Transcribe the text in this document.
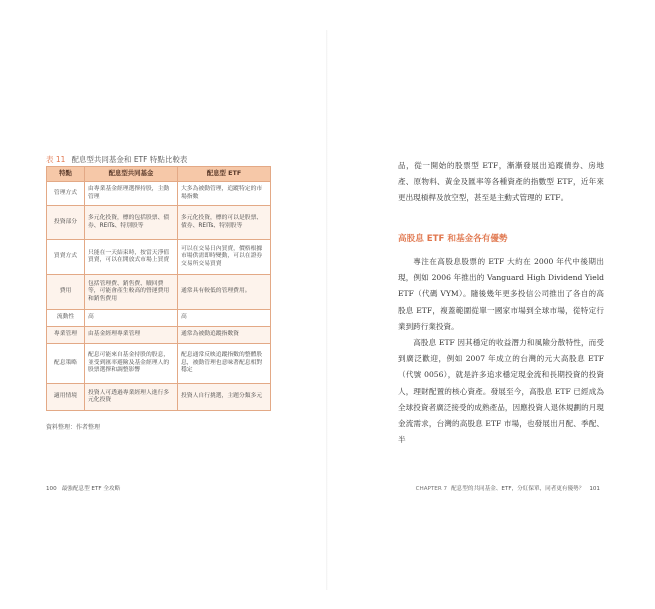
表 11 配息型共同基金和 ETF 特點比較表
特點	配息型共同基金	配息型 ETF
管理方式	由專業基金經理選擇持股，主動管理	大多為被動管理，追蹤特定的市場指數
投資部分	多元化投資，標的包括股票、債券、REITs、特別股等	多元化投資，標的可以是股票、債券、REITs、特別股等
買賣方式	只能在一天結束時，按當天淨值買賣，可以在開放式市場上買賣	可以在交易日內買賣，價格根據市場供需即時變動，可以在證券交易所交易買賣
費用	包括管理費、銷售費、贖回費等，可能會產生較高的營運費用和銷售費用	通常具有較低的管理費用。
流動性	高	高
專業管理	由基金經理專業管理	通常為被動追蹤指數資
配息策略	配息可能來自基金持股的股息，並受到匯率避險及基金經理人的股票選擇和調整影響	配息通常反映追蹤指數的整體股息，被動管理也意味著配息相對穩定
適用情境	投資人可透過專業經理人進行多元化投資	投資人自行挑選，主題分類多元
資料整理：作者整理
100 最強配息型 ETF 全攻略

品，從一開始的股票型 ETF，漸漸發展出追蹤債券、房地產、原物料、黃金及匯率等各種資產的指數型 ETF，近年來更出現槓桿及放空型，甚至是主動式管理的 ETF。

高股息 ETF 和基金各有優勢

專注在高股息股票的 ETF 大約在 2000 年代中後期出現，例如 2006 年推出的 Vanguard High Dividend Yield ETF（代碼 VYM）。隨後幾年更多投信公司推出了各自的高股息 ETF，複蓋範圍從單一國家市場到全球市場，從特定行業到跨行業投資。

高股息 ETF 因其穩定的收益潛力和風險分散特性，而受到廣泛歡迎，例如 2007 年成立的台灣的元大高股息 ETF（代號 0056），就是許多追求穩定現金流和長期投資的投資人，理財配置的核心資產。發展至今，高股息 ETF 已經成為全球投資者廣泛接受的成熟產品，因應投資人退休規劃的月現金流需求，台灣的高股息 ETF 市場，也發展出月配、季配、半

CHAPTER 7 配息型的共同基金、ETF，分紅保單，同者更有優勢？ 101
